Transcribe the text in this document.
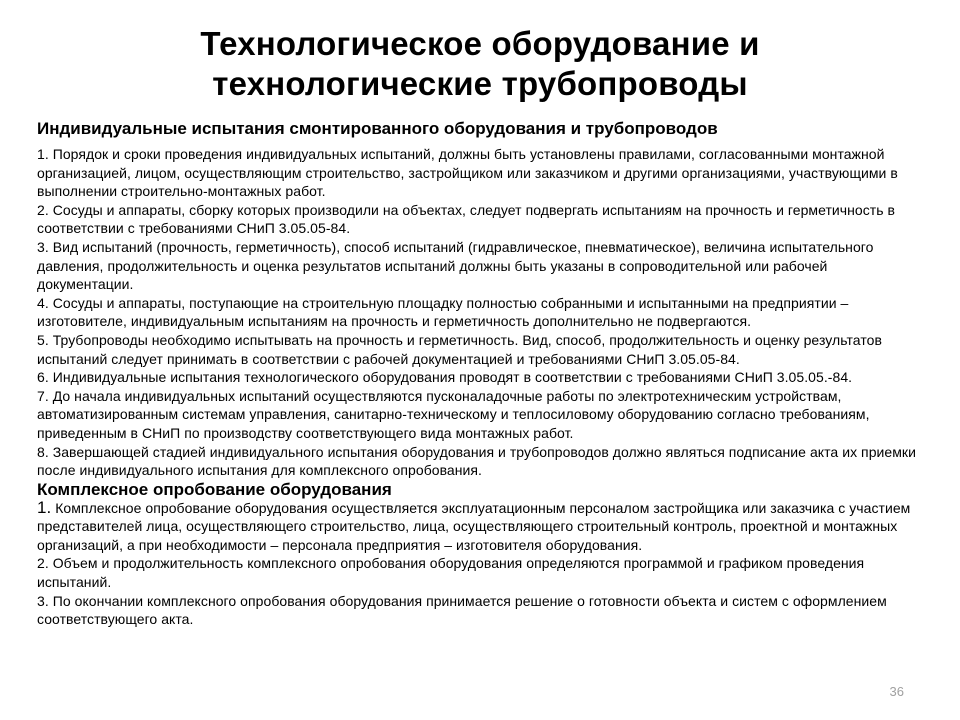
Технологическое оборудование и
технологические трубопроводы
Индивидуальные испытания смонтированного оборудования и трубопроводов

1. Порядок и сроки проведения индивидуальных испытаний, должны быть установлены правилами, согласованными монтажной организацией, лицом, осуществляющим строительство, застройщиком или заказчиком и другими организациями, участвующими в выполнении строительно-монтажных работ.

2. Сосуды и аппараты, сборку которых производили на объектах, следует подвергать испытаниям на прочность и герметичность в соответствии с требованиями СНиП 3.05.05-84.

3. Вид испытаний (прочность, герметичность), способ испытаний (гидравлическое, пневматическое), величина испытательного давления, продолжительность и оценка результатов испытаний должны быть указаны в сопроводительной или рабочей документации.

4. Сосуды и аппараты, поступающие на строительную площадку полностью собранными и испытанными на предприятии – изготовителе, индивидуальным испытаниям на прочность и герметичность дополнительно не подвергаются.

5. Трубопроводы необходимо испытывать на прочность и герметичность. Вид, способ, продолжительность и оценку результатов испытаний следует принимать в соответствии с рабочей документацией и требованиями СНиП 3.05.05-84.

6. Индивидуальные испытания технологического оборудования проводят в соответствии с требованиями СНиП 3.05.05.-84.

7. До начала индивидуальных испытаний осуществляются пусконаладочные работы по электротехническим устройствам, автоматизированным системам управления, санитарно-техническому и теплосиловому оборудованию согласно требованиям, приведенным в СНиП по производству соответствующего вида монтажных работ.

8. Завершающей стадией индивидуального испытания оборудования и трубопроводов должно являться подписание акта их приемки после индивидуального испытания для комплексного опробования.

Комплексное опробование оборудования

1. Комплексное опробование оборудования осуществляется эксплуатационным персоналом застройщика или заказчика с участием представителей лица, осуществляющего строительство, лица, осуществляющего строительный контроль, проектной и монтажных организаций, а при необходимости – персонала предприятия – изготовителя оборудования.

2. Объем и продолжительность комплексного опробования оборудования определяются программой и графиком проведения испытаний.

3. По окончании комплексного опробования оборудования принимается решение о готовности объекта и систем с оформлением соответствующего акта.

36
